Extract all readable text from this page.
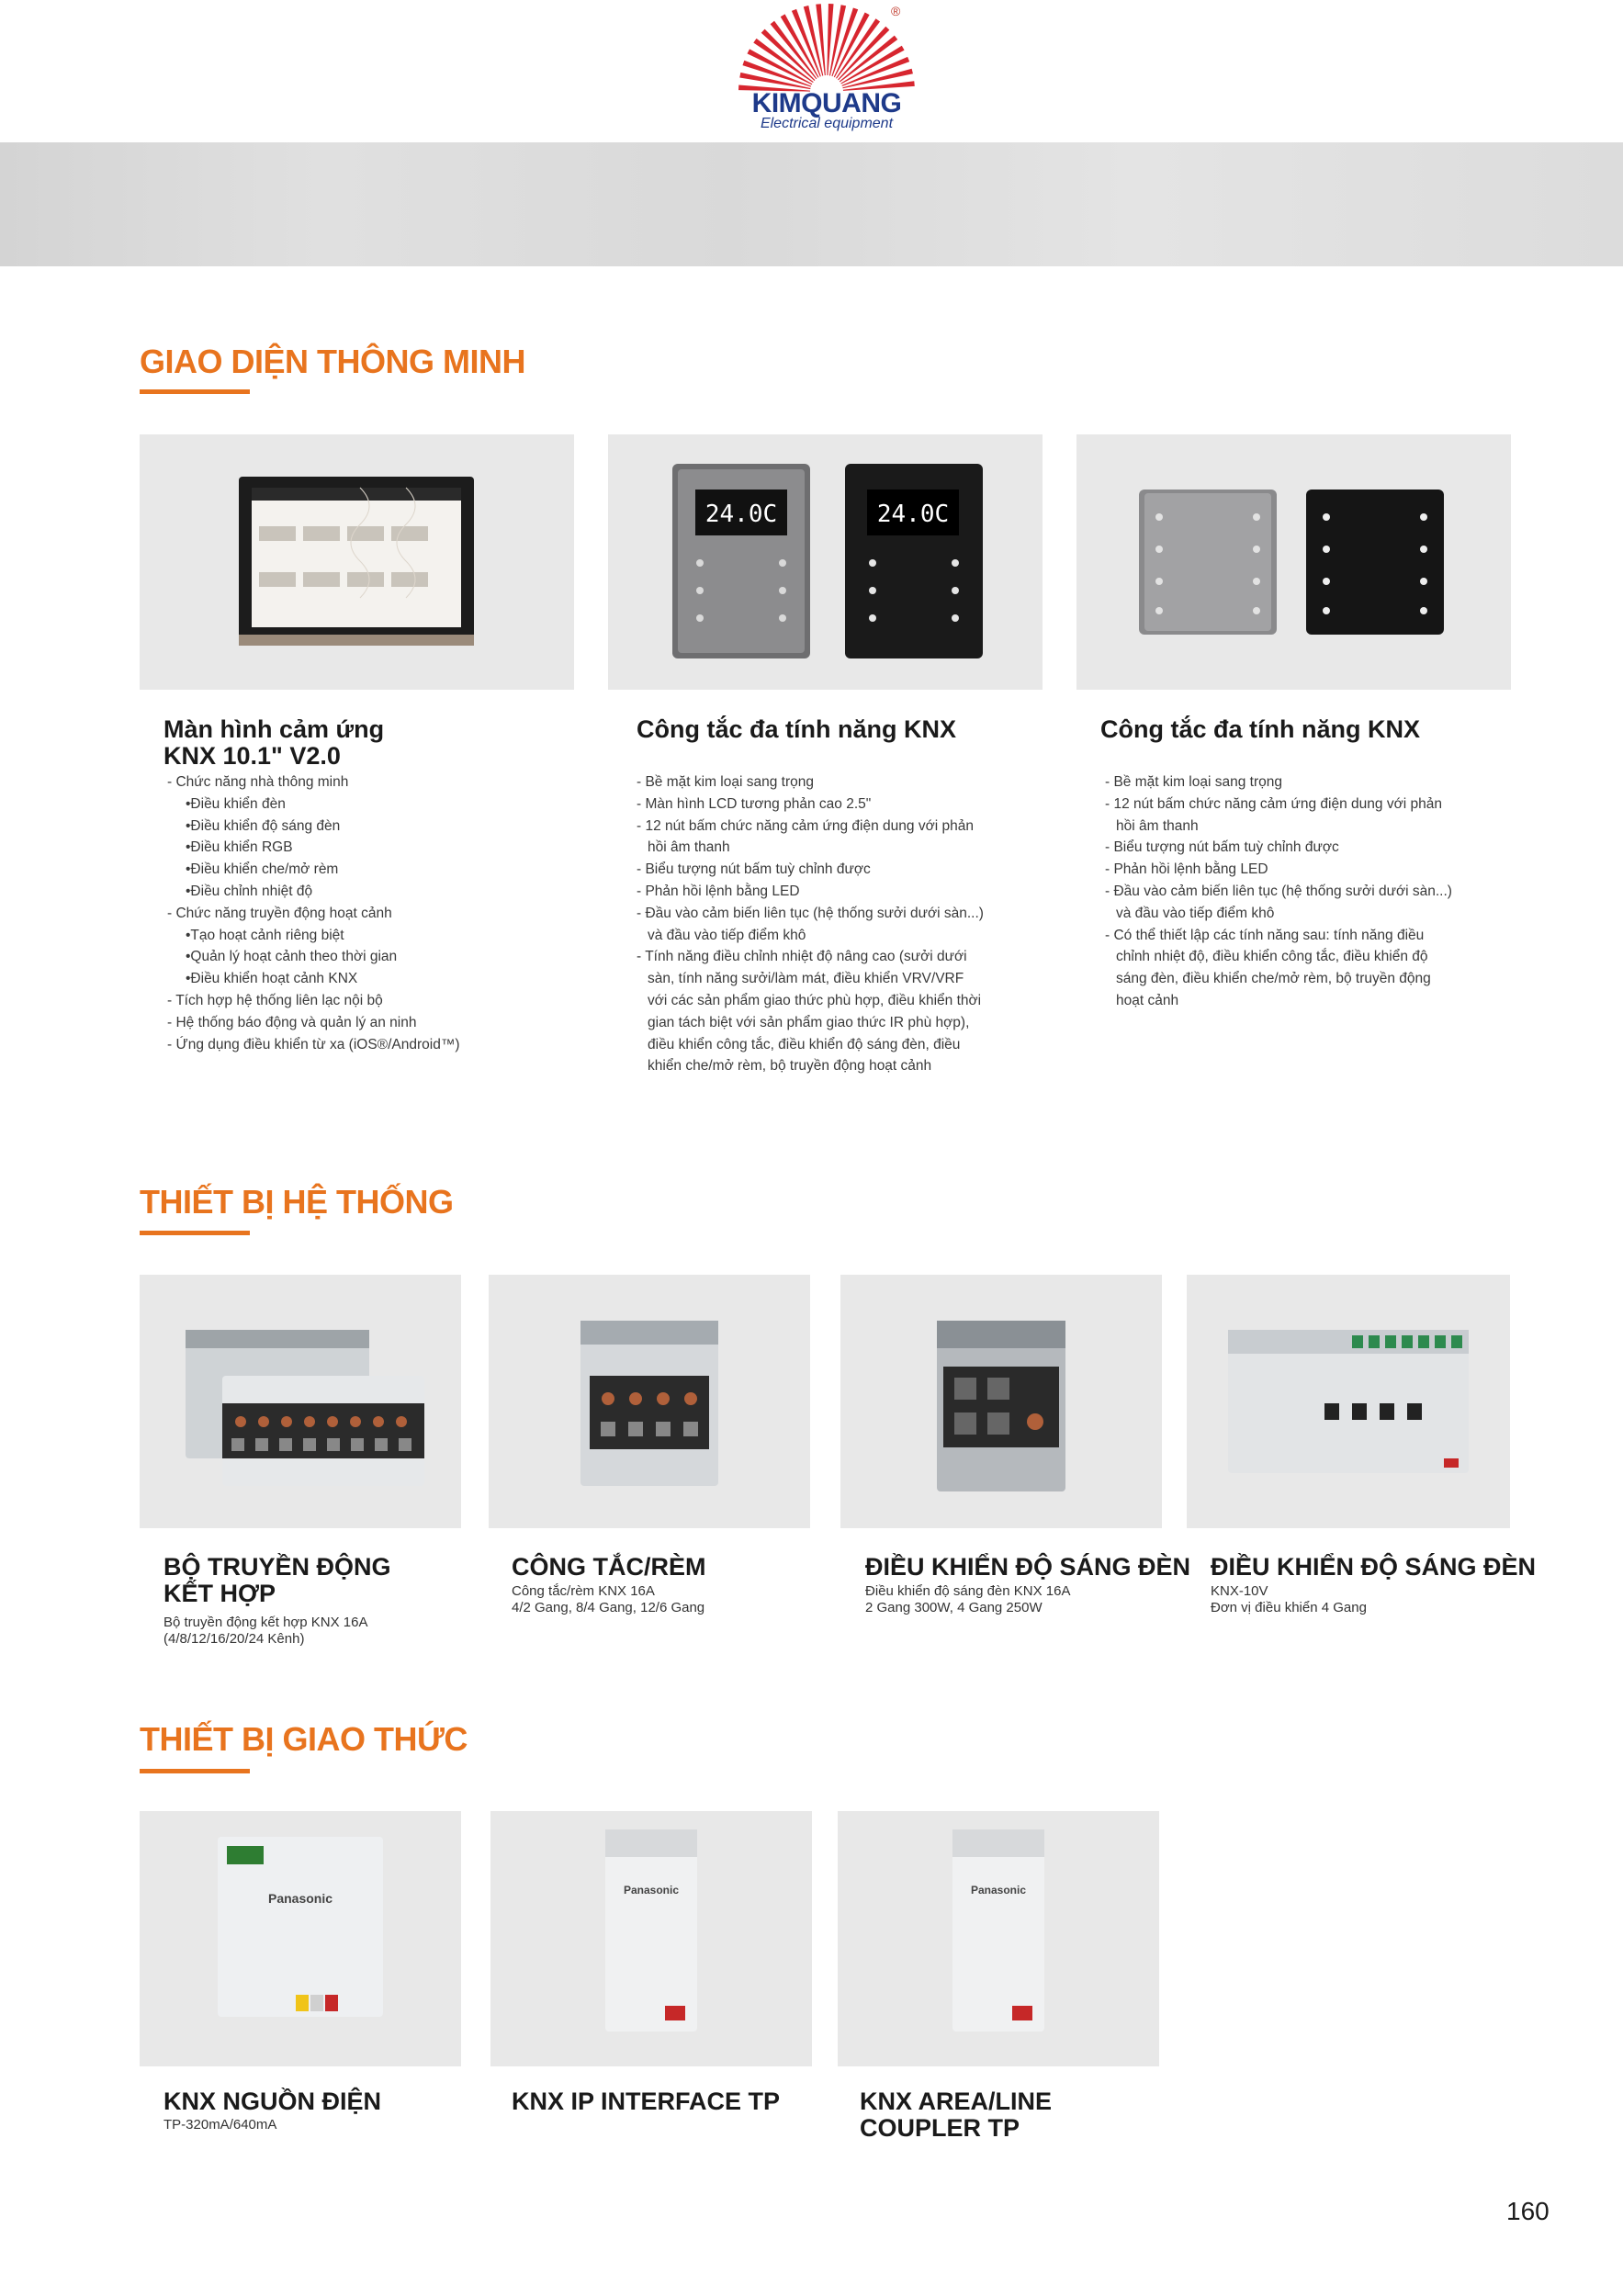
®
KIMQUANG
Electrical equipment
GIAO DIỆN THÔNG MINH
24.0C	24.0C
Màn hình cảm ứng
KNX 10.1" V2.0
Công tắc đa tính năng KNX	Công tắc đa tính năng KNX
- Chức năng nhà thông minh
•Điều khiển đèn
•Điều khiển độ sáng đèn
•Điều khiển RGB
•Điều khiển che/mở rèm
•Điều chỉnh nhiệt độ
- Chức năng truyền động hoạt cảnh
•Tạo hoạt cảnh riêng biệt
•Quản lý hoạt cảnh theo thời gian
•Điều khiển hoạt cảnh KNX
- Tích hợp hệ thống liên lạc nội bộ
- Hệ thống báo động và quản lý an ninh
- Ứng dụng điều khiển từ xa (iOS®/Android™)
- Bề mặt kim loại sang trọng
- Màn hình LCD tương phản cao 2.5"
- 12 nút bấm chức năng cảm ứng điện dung với phản
hồi âm thanh
- Biểu tượng nút bấm tuỳ chỉnh được
- Phản hồi lệnh bằng LED
- Đầu vào cảm biến liên tục (hệ thống sưởi dưới sàn...)
và đầu vào tiếp điểm khô
- Tính năng điều chỉnh nhiệt độ nâng cao (sưởi dưới
sàn, tính năng sưởi/làm mát, điều khiển VRV/VRF
với các sản phẩm giao thức phù hợp, điều khiển thời
gian tách biệt với sản phẩm giao thức IR phù hợp),
điều khiển công tắc, điều khiển độ sáng đèn, điều
khiển che/mở rèm, bộ truyền động hoạt cảnh
- Bề mặt kim loại sang trọng
- 12 nút bấm chức năng cảm ứng điện dung với phản
hồi âm thanh
- Biểu tượng nút bấm tuỳ chỉnh được
- Phản hồi lệnh bằng LED
- Đầu vào cảm biến liên tục (hệ thống sưởi dưới sàn...)
và đầu vào tiếp điểm khô
- Có thể thiết lập các tính năng sau: tính năng điều
chỉnh nhiệt độ, điều khiển công tắc, điều khiển độ
sáng đèn, điều khiển che/mở rèm, bộ truyền động
hoạt cảnh
THIẾT BỊ HỆ THỐNG
BỘ TRUYỀN ĐỘNG
KẾT HỢP
Bộ truyền động kết hợp KNX 16A
(4/8/12/16/20/24 Kênh)
CÔNG TẮC/RÈM
Công tắc/rèm KNX 16A
4/2 Gang, 8/4 Gang, 12/6 Gang
ĐIỀU KHIỂN ĐỘ SÁNG ĐÈN
Điều khiển độ sáng đèn KNX 16A
2 Gang 300W, 4 Gang 250W
ĐIỀU KHIỂN ĐỘ SÁNG ĐÈN
KNX-10V
Đơn vị điều khiển 4 Gang
THIẾT BỊ GIAO THỨC
Panasonic
Panasonic	Panasonic
KNX NGUỒN ĐIỆN
TP-320mA/640mA
KNX IP INTERFACE TP	KNX AREA/LINE
COUPLER TP
160
